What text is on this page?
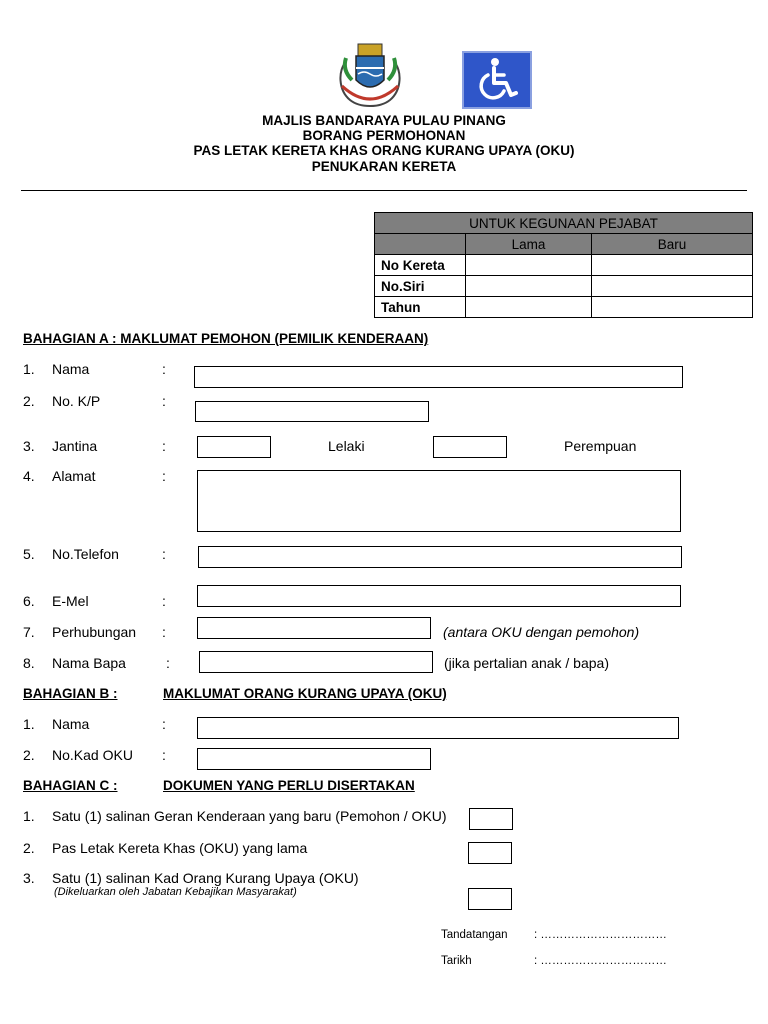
MAJLIS BANDARAYA PULAU PINANG
BORANG PERMOHONAN
PAS LETAK KERETA KHAS ORANG KURANG UPAYA (OKU)
PENUKARAN KERETA
UNTUK KEGUNAAN PEJABAT		
	Lama	Baru
No Kereta		
No.Siri		
Tahun		
BAHAGIAN A : MAKLUMAT PEMOHON (PEMILIK KENDERAAN)
1. Nama	:
2. No. K/P	:
3. Jantina	:	Lelaki	Perempuan
4. Alamat	:
5. No.Telefon	:
6. E-Mel	:
7. Perhubungan :	(antara OKU dengan pemohon)
8. Nama Bapa	:	(jika pertalian anak / bapa)
BAHAGIAN B :	MAKLUMAT ORANG KURANG UPAYA (OKU)
1. Nama	:
2. No.Kad OKU :
BAHAGIAN C :	DOKUMEN YANG PERLU DISERTAKAN
1. Satu (1) salinan Geran Kenderaan yang baru (Pemohon / OKU)
2. Pas Letak Kereta Khas (OKU) yang lama
3. Satu (1) salinan Kad Orang Kurang Upaya (OKU)
(Dikeluarkan oleh Jabatan Kebajikan Masyarakat)
Tandatangan : ……………………………
Tarikh	: ……………………………
